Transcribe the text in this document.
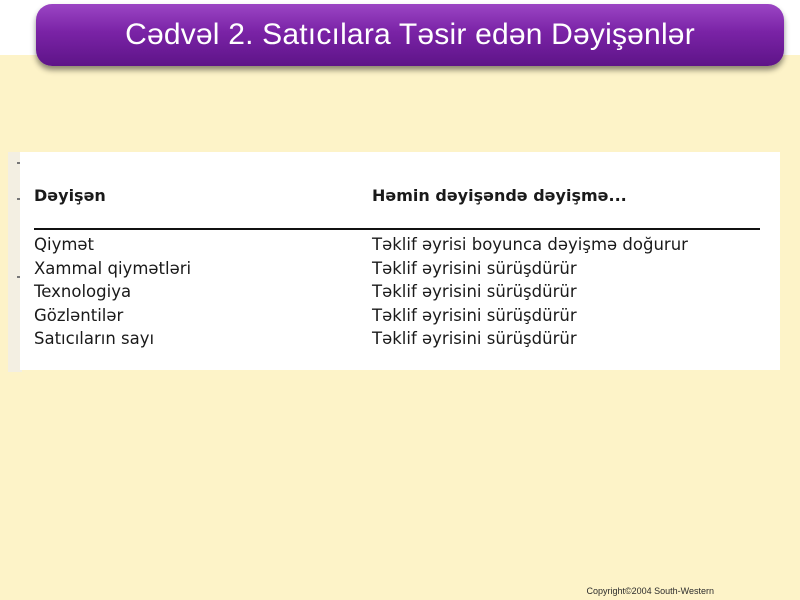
Cədvəl 2. Satıcılara Təsir edən Dəyişənlər
Dəyişən	Həmin dəyişəndə dəyişmə...
Qiymət	Təklif əyrisi boyunca dəyişmə doğurur
Xammal qiymətləri	Təklif əyrisini sürüşdürür
Texnologiya	Təklif əyrisini sürüşdürür
Gözləntilər	Təklif əyrisini sürüşdürür
Satıcıların sayı	Təklif əyrisini sürüşdürür
Copyright©2004 South-Western
